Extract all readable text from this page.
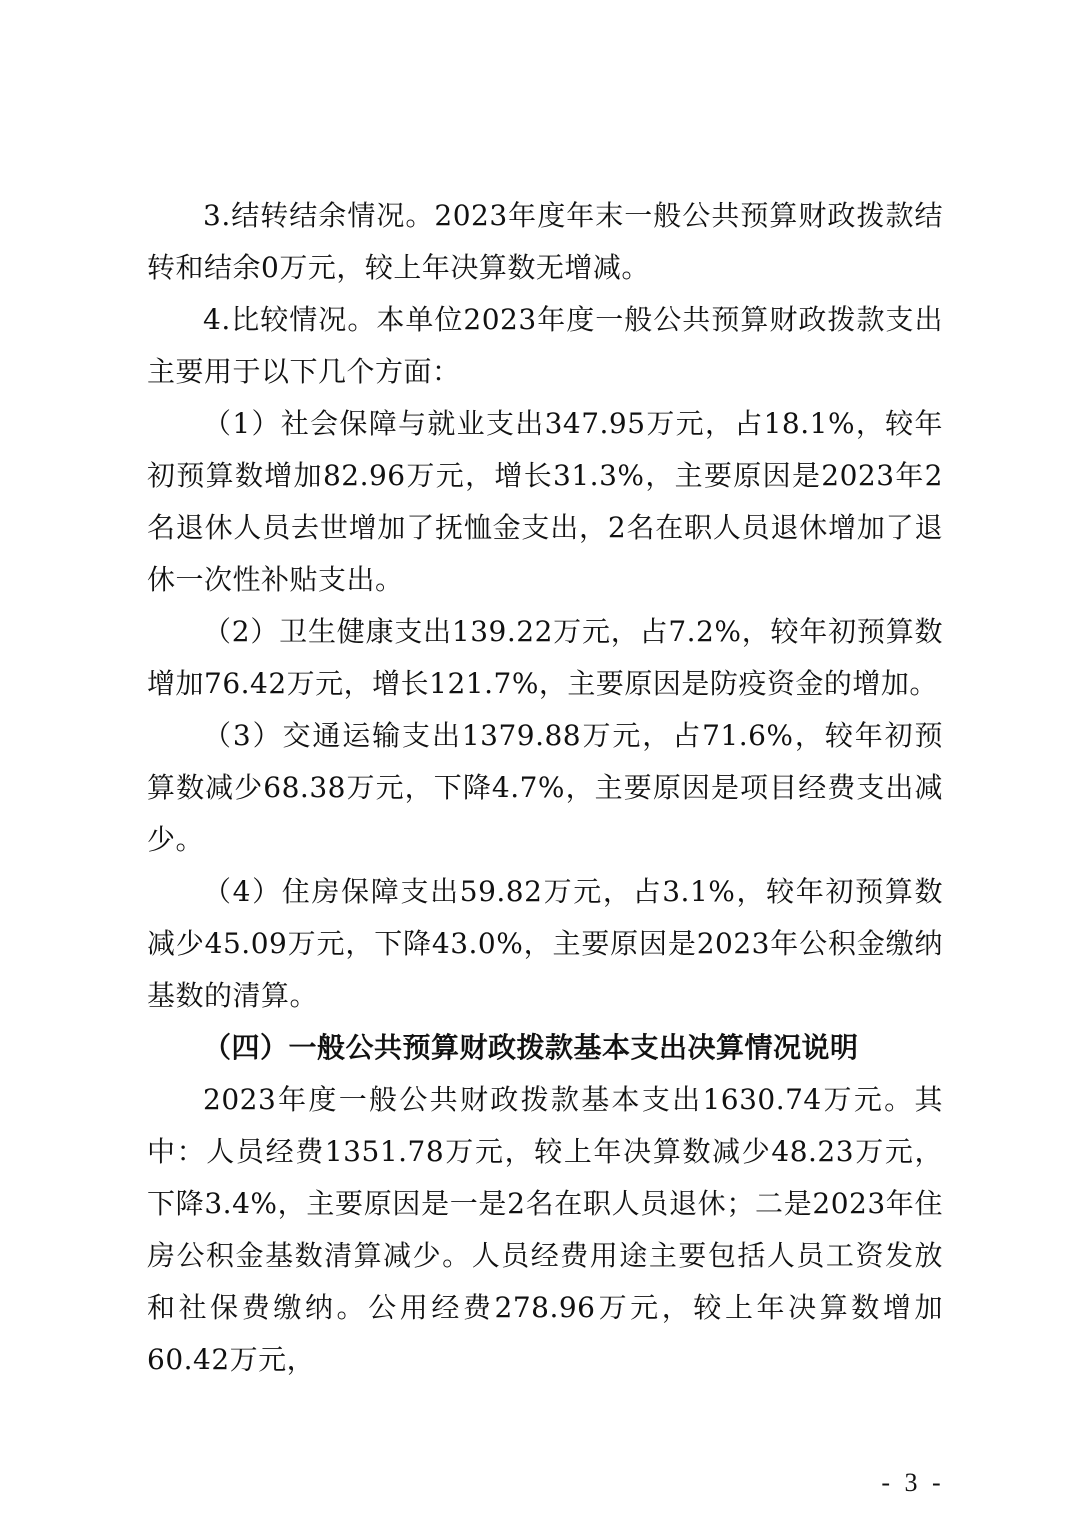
3.结转结余情况。2023年度年末一般公共预算财政拨款结转和结余0万元，较上年决算数无增减。

4.比较情况。本单位2023年度一般公共预算财政拨款支出主要用于以下几个方面：

（1）社会保障与就业支出347.95万元，占18.1%，较年初预算数增加82.96万元，增长31.3%，主要原因是2023年2名退休人员去世增加了抚恤金支出，2名在职人员退休增加了退休一次性补贴支出。

（2）卫生健康支出139.22万元，占7.2%，较年初预算数增加76.42万元，增长121.7%，主要原因是防疫资金的增加。

（3）交通运输支出1379.88万元，占71.6%，较年初预算数减少68.38万元，下降4.7%，主要原因是项目经费支出减少。

（4）住房保障支出59.82万元，占3.1%，较年初预算数减少45.09万元，下降43.0%，主要原因是2023年公积金缴纳基数的清算。

（四）一般公共预算财政拨款基本支出决算情况说明

2023年度一般公共财政拨款基本支出1630.74万元。其中：人员经费1351.78万元，较上年决算数减少48.23万元，下降3.4%，主要原因是一是2名在职人员退休；二是2023年住房公积金基数清算减少。人员经费用途主要包括人员工资发放和社保费缴纳。公用经费278.96万元，较上年决算数增加60.42万元，

- 3 -
